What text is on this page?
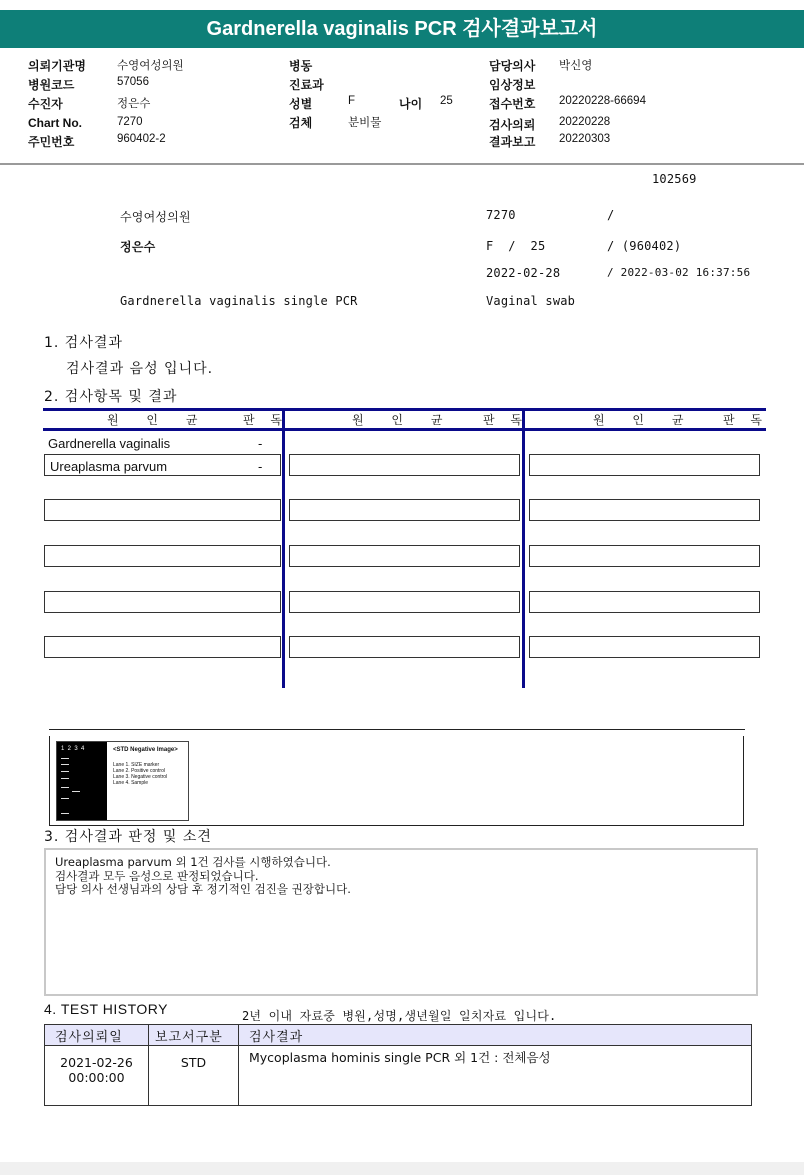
Gardnerella vaginalis PCR 검사결과보고서
의뢰기관명	수영여성의원
병원코드	57056
수진자	정은수
Chart No.	7270
주민번호	960402-2
병동
진료과
성별	F	나이 25
검체	분비물
담당의사 박신영
임상정보
접수번호 20220228-66694
검사의뢰 20220228
결과보고 20220303
102569
수영여성의원	7270	/
정은수	F  /  25	/ (960402)
2022-02-28	/ 2022-03-02 16:37:56
Gardnerella vaginalis single PCR	Vaginal swab
1. 검사결과
검사결과 음성 입니다.
2. 검사항목 및 결과
원 인 균	판 독	원 인 균 판 독	원 인 균 판 독
Gardnerella vaginalis	-
Ureaplasma parvum	-
1  2  3  4	<STD Negative Image>
Lane 1. SIZE marker
Lane 2. Positive control
Lane 3. Negative control
Lane 4. Sample
3. 검사결과 판정 및 소견
Ureaplasma parvum 외 1건 검사를 시행하였습니다.
검사결과 모두 음성으로 판정되었습니다.
담당 의사 선생님과의 상담 후 정기적인 검진을 권장합니다.
4. TEST HISTORY	2년 이내 자료중 병원,성명,생년월일 일치자료 입니다.
검사의뢰일	보고서구분	검사결과

2021-02-26
00:00:00	STD	Mycoplasma hominis single PCR 외 1건 : 전체음성
